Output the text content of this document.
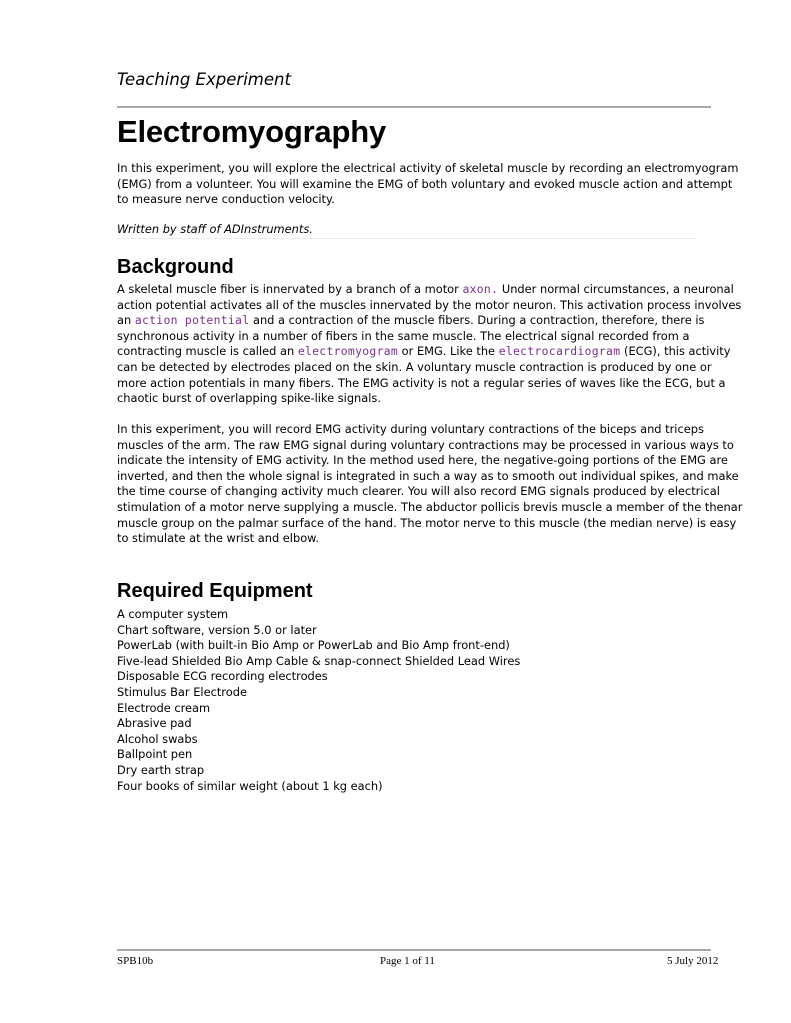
Teaching Experiment
Electromyography

In this experiment, you will explore the electrical activity of skeletal muscle by recording an electromyogram (EMG) from a volunteer. You will examine the EMG of both voluntary and evoked muscle action and attempt to measure nerve conduction velocity.

Written by staff of ADInstruments.
Background

A skeletal muscle fiber is innervated by a branch of a motor axon. Under normal circumstances, a neuronal action potential activates all of the muscles innervated by the motor neuron. This activation process involves an action potential and a contraction of the muscle fibers. During a contraction, therefore, there is synchronous activity in a number of fibers in the same muscle. The electrical signal recorded from a contracting muscle is called an electromyogram or EMG. Like the electrocardiogram (ECG), this activity can be detected by electrodes placed on the skin. A voluntary muscle contraction is produced by one or more action potentials in many fibers. The EMG activity is not a regular series of waves like the ECG, but a chaotic burst of overlapping spike-like signals.

In this experiment, you will record EMG activity during voluntary contractions of the biceps and triceps muscles of the arm. The raw EMG signal during voluntary contractions may be processed in various ways to indicate the intensity of EMG activity. In the method used here, the negative-going portions of the EMG are inverted, and then the whole signal is integrated in such a way as to smooth out individual spikes, and make the time course of changing activity much clearer. You will also record EMG signals produced by electrical stimulation of a motor nerve supplying a muscle. The abductor pollicis brevis muscle a member of the thenar muscle group on the palmar surface of the hand. The motor nerve to this muscle (the median nerve) is easy to stimulate at the wrist and elbow.

Required Equipment
A computer system
Chart software, version 5.0 or later
PowerLab (with built-in Bio Amp or PowerLab and Bio Amp front-end)
Five-lead Shielded Bio Amp Cable & snap-connect Shielded Lead Wires
Disposable ECG recording electrodes
Stimulus Bar Electrode
Electrode cream
Abrasive pad
Alcohol swabs
Ballpoint pen
Dry earth strap
Four books of similar weight (about 1 kg each)
SPB10b	Page 1 of 11	5 July 2012
